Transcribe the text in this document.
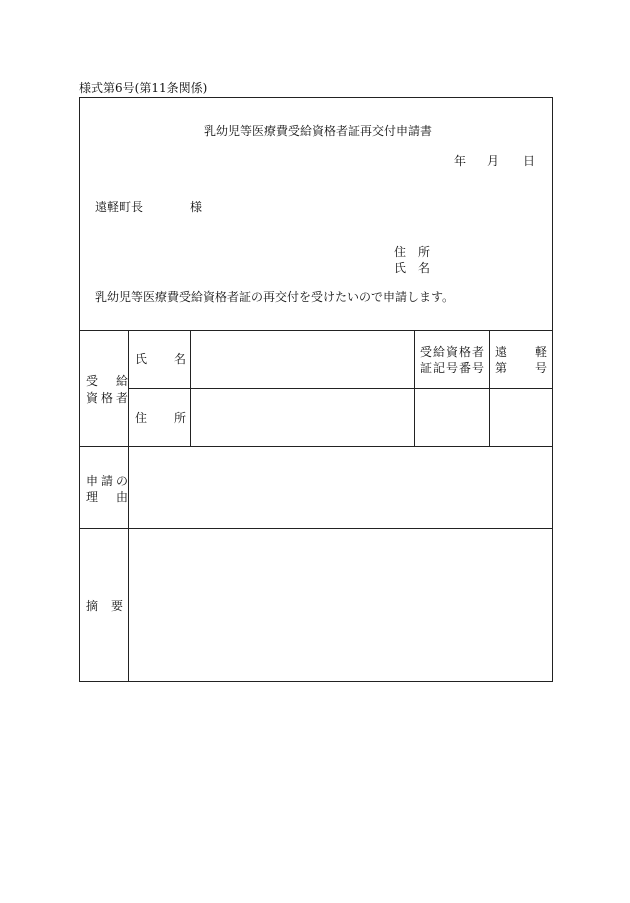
様式第6号(第11条関係)
乳幼児等医療費受給資格者証再交付申請書
年 月 日
遠軽町長	様
住　所
氏　名
乳幼児等医療費受給資格者証の再交付を受けたいので申請します。
受　給
資格者
氏 名
住 所
受給資格者
証記号番号
遠 軽
第 号
申請の
理　由
摘 要
